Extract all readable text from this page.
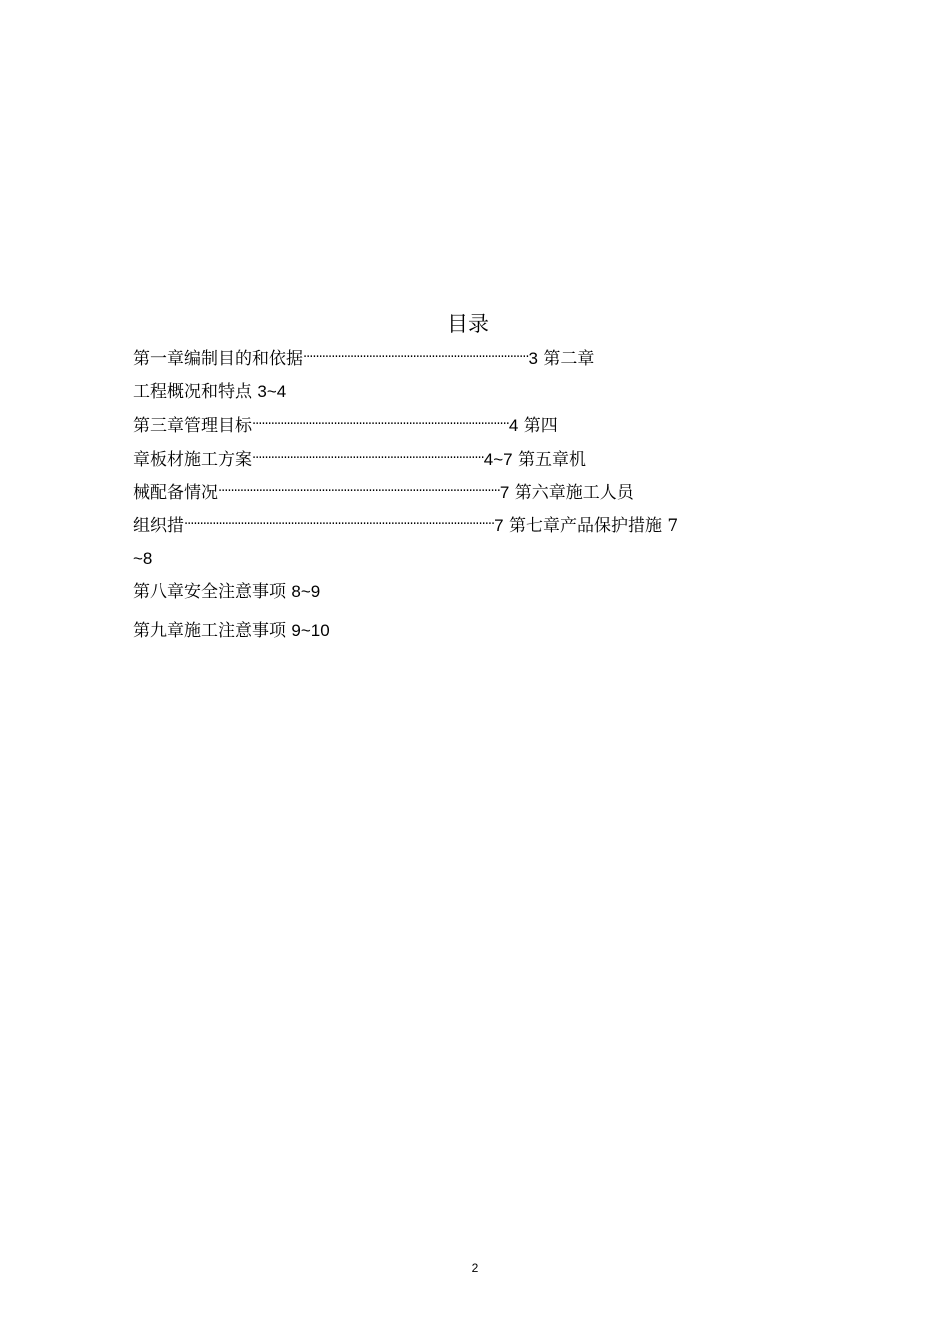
目录
第一章编制目的和依据········································································3 第二章
工程概况和特点 3~4
第三章管理目标··················································································4 第四
章板材施工方案··········································································4~7 第五章机
械配备情况··························································································7 第六章施工人员
组织措···································································································7 第七章产品保护措施 7
~8
第八章安全注意事项 8~9
第九章施工注意事项 9~10
2
